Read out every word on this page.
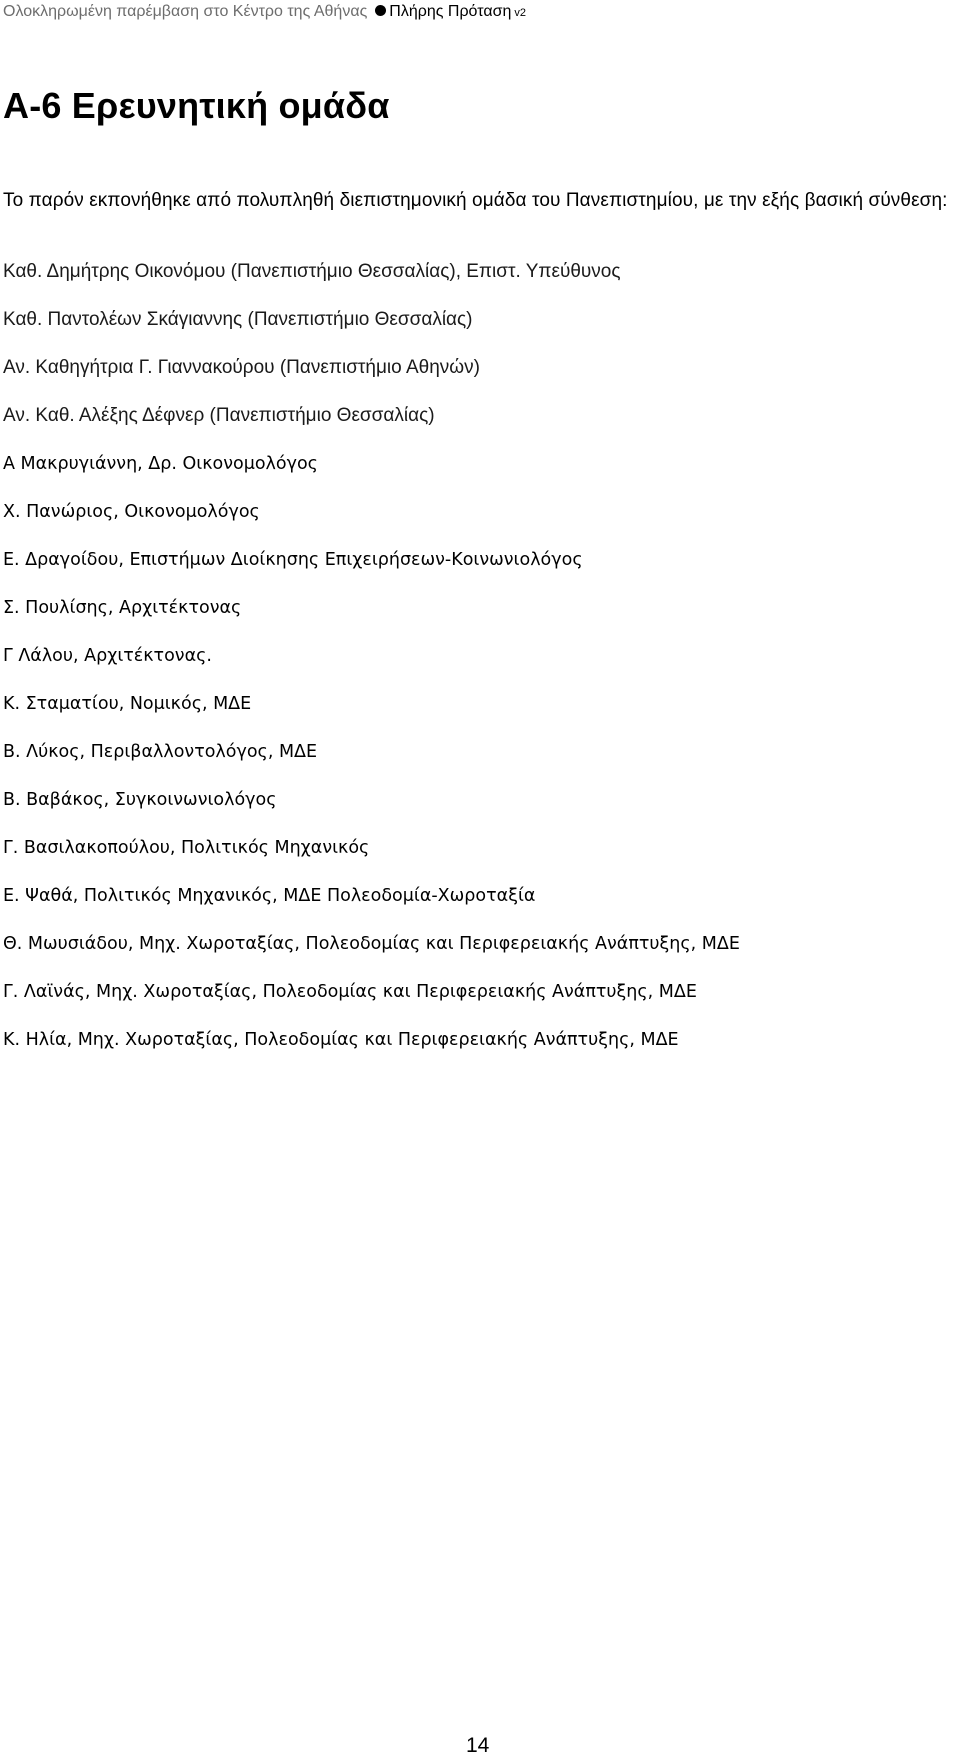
Ολοκληρωμένη παρέμβαση στο Κέντρο της Αθήνας Πλήρης Πρόταση v2
Α-6 Ερευνητική ομάδα

Το παρόν εκπονήθηκε από πολυπληθή διεπιστημονική ομάδα του Πανεπιστημίου, με την εξής βασική σύνθεση:

Καθ. Δημήτρης Οικονόμου (Πανεπιστήμιο Θεσσαλίας), Επιστ. Υπεύθυνος
Καθ. Παντολέων Σκάγιαννης (Πανεπιστήμιο Θεσσαλίας)
Αν. Καθηγήτρια Γ. Γιαννακούρου (Πανεπιστήμιο Αθηνών)
Αν. Καθ. Αλέξης Δέφνερ (Πανεπιστήμιο Θεσσαλίας)
Α Μακρυγιάννη, Δρ. Οικονομολόγος
Χ. Πανώριος, Οικονομολόγος
Ε. Δραγοίδου, Επιστήμων Διοίκησης Επιχειρήσεων-Κοινωνιολόγος
Σ. Πουλίσης, Αρχιτέκτονας
Γ Λάλου, Αρχιτέκτονας.
Κ. Σταματίου, Νομικός, ΜΔΕ
Β. Λύκος, Περιβαλλοντολόγος, ΜΔΕ
Β. Βαβάκος, Συγκοινωνιολόγος
Γ. Βασιλακοπούλου, Πολιτικός Μηχανικός
Ε. Ψαθά, Πολιτικός Μηχανικός, ΜΔΕ Πολεοδομία-Χωροταξία
Θ. Μωυσιάδου, Μηχ. Χωροταξίας, Πολεοδομίας και Περιφερειακής Ανάπτυξης, ΜΔΕ
Γ. Λαϊνάς, Μηχ. Χωροταξίας, Πολεοδομίας και Περιφερειακής Ανάπτυξης, ΜΔΕ
Κ. Ηλία, Μηχ. Χωροταξίας, Πολεοδομίας και Περιφερειακής Ανάπτυξης, ΜΔΕ
14
